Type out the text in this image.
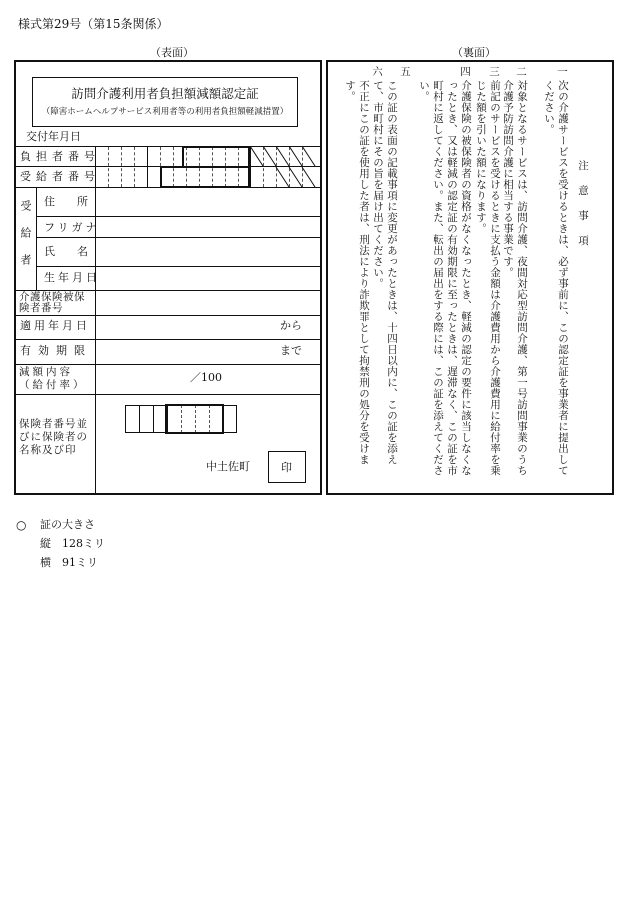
様式第29号（第15条関係）
（表面）
訪問介護利用者負担額減額認定証
（障害ホームヘルプサービス利用者等の利用者負担額軽減措置）
交付年月日
負担者番号
受給者番号
受給者 住所
フリガナ
氏名
生年月日
介護保険被保険者番号
適用年月日	から
有効期限	まで
減額内容（給付率）
／100
保険者番号並びに保険者の名称及び印
中土佐町	印
（裏面）
注　意　事　項
一
次の介護サービスを受けるときは、必ず事前に、この認定証を事業者に提出してください。
二
対象となるサービスは、訪問介護、夜間対応型訪問介護、第一号訪問事業のうち介護予防訪問介護に相当する事業です。
三
前記のサービスを受けるときに支払う金額は介護費用から介護費用に給付率を乗じた額を引いた額になります。
四
介護保険の被保険者の資格がなくなったとき、軽減の認定の要件に該当しなくなったとき、又は軽減の認定証の有効期限に至ったときは、遅滞なく、この証を市町村に返してください。また、転出の届出をする際には、この証を添えてください。
五
この証の表面の記載事項に変更があったときは、十四日以内に、この証を添えて、市町村にその旨を届け出てください。
六
不正にこの証を使用した者は、刑法により詐欺罪として拘禁刑の処分を受けます。
○ 証の大きさ
縦　128ミリ
横　91ミリ
